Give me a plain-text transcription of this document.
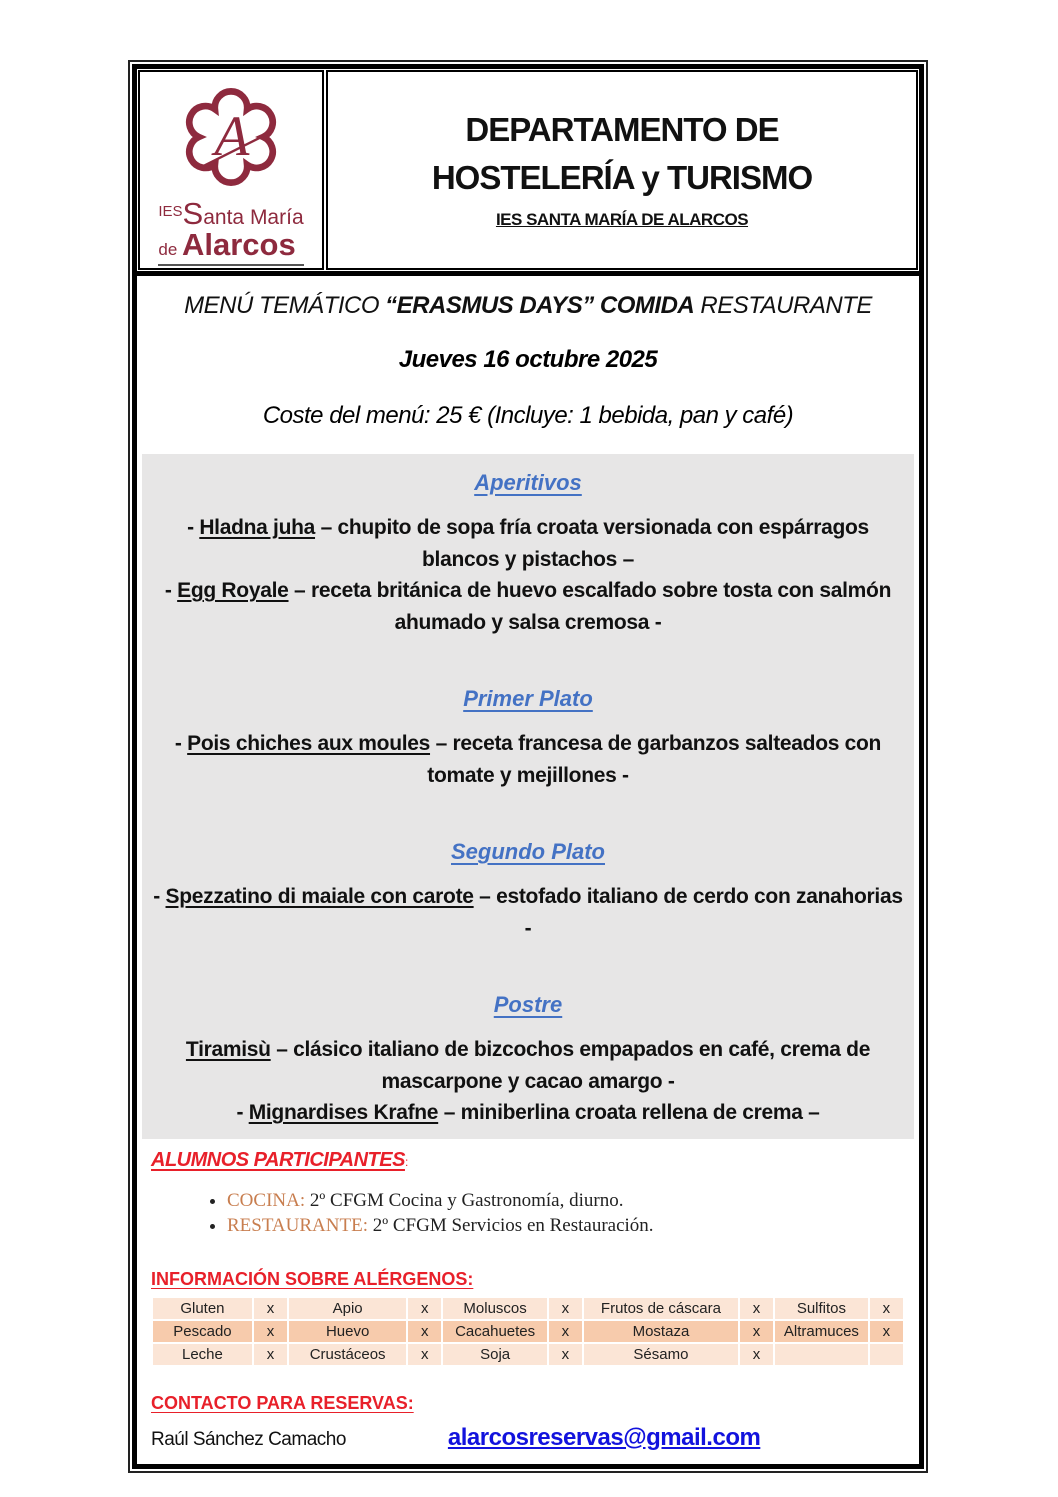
A
IESSanta María
de Alarcos
DEPARTAMENTO DE
HOSTELERÍA y TURISMO
IES SANTA MARÍA DE ALARCOS
MENÚ TEMÁTICO “ERASMUS DAYS” COMIDA RESTAURANTE
Jueves 16 octubre 2025
Coste del menú: 25 € (Incluye: 1 bebida, pan y café)
Aperitivos

- Hladna juha – chupito de sopa fría croata versionada con espárragos blancos y pistachos –

- Egg Royale – receta británica de huevo escalfado sobre tosta con salmón ahumado y salsa cremosa -

Primer Plato

- Pois chiches aux moules – receta francesa de garbanzos salteados con tomate y mejillones -

Segundo Plato

- Spezzatino di maiale con carote – estofado italiano de cerdo con zanahorias -

Postre

Tiramisù – clásico italiano de bizcochos empapados en café, crema de mascarpone y cacao amargo -

- Mignardises Krafne – miniberlina croata rellena de crema –

ALUMNOS PARTICIPANTES:
• COCINA: 2º CFGM Cocina y Gastronomía, diurno.
• RESTAURANTE: 2º CFGM Servicios en Restauración.
INFORMACIÓN SOBRE ALÉRGENOS:
Gluten	x	Apio	x	Moluscos	x	Frutos de cáscara	x	Sulfitos	x
Pescado	x	Huevo	x	Cacahuetes	x	Mostaza	x	Altramuces	x
Leche	x	Crustáceos	x	Soja	x	Sésamo	x		
CONTACTO PARA RESERVAS:
Raúl Sánchez Camacho	alarcosreservas@gmail.com
